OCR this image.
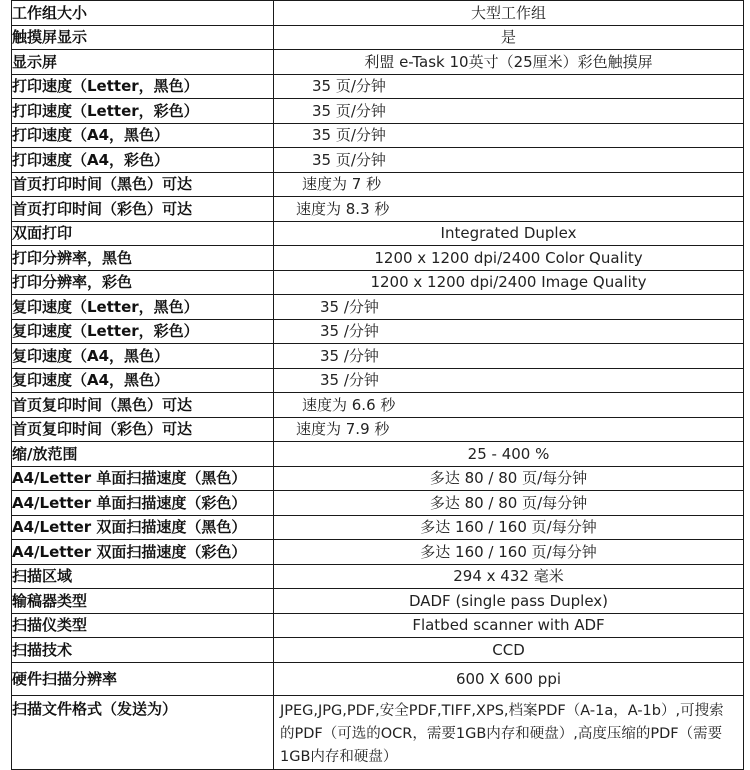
工作组大小	大型工作组
触摸屏显示	是
显示屏	利盟 e-Task 10英寸（25厘米）彩色触摸屏
打印速度（Letter，黑色）	35 页/分钟
打印速度（Letter，彩色）	35 页/分钟
打印速度（A4，黑色）	35 页/分钟
打印速度（A4，彩色）	35 页/分钟
首页打印时间（黑色）可达	速度为 7 秒
首页打印时间（彩色）可达	速度为 8.3 秒
双面打印	Integrated Duplex
打印分辨率，黑色	1200 x 1200 dpi/2400 Color Quality
打印分辨率，彩色	1200 x 1200 dpi/2400 Image Quality
复印速度（Letter，黑色）	35 /分钟
复印速度（Letter，彩色）	35 /分钟
复印速度（A4，黑色）	35 /分钟
复印速度（A4，黑色）	35 /分钟
首页复印时间（黑色）可达	速度为 6.6 秒
首页复印时间（彩色）可达	速度为 7.9 秒
缩/放范围	25 - 400 %
A4/Letter 单面扫描速度（黑色）	多达 80 / 80 页/每分钟
A4/Letter 单面扫描速度（彩色）	多达 80 / 80 页/每分钟
A4/Letter 双面扫描速度（黑色）	多达 160 / 160 页/每分钟
A4/Letter 双面扫描速度（彩色）	多达 160 / 160 页/每分钟
扫描区域	294 x 432 毫米
输稿器类型	DADF (single pass Duplex)
扫描仪类型	Flatbed scanner with ADF
扫描技术	CCD
硬件扫描分辨率	600 X 600 ppi
扫描文件格式（发送为）	JPEG,JPG,PDF,安全PDF,TIFF,XPS,档案PDF（A-1a，A-1b）,可搜索的PDF（可选的OCR，需要1GB内存和硬盘）,高度压缩的PDF（需要1GB内存和硬盘）
